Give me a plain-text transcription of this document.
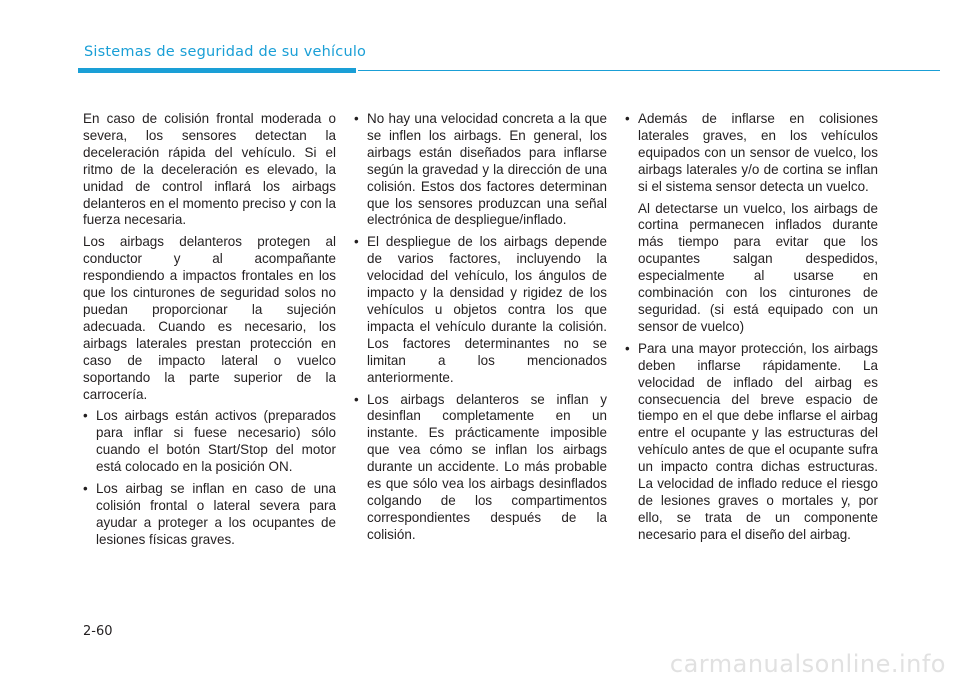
Sistemas de seguridad de su vehículo

En caso de colisión frontal moderada o severa, los sensores detectan la deceleración rápida del vehículo. Si el ritmo de la deceleración es elevado, la unidad de control inflará los airbags delanteros en el momento preciso y con la fuerza necesaria.

Los airbags delanteros protegen al conductor y al acompañante respondiendo a impactos frontales en los que los cinturones de seguridad solos no puedan proporcionar la sujeción adecuada. Cuando es necesario, los airbags laterales prestan protección en caso de impacto lateral o vuelco soportando la parte superior de la carrocería.

• Los airbags están activos (preparados para inflar si fuese necesario) sólo cuando el botón Start/Stop del motor está colocado en la posición ON.

• Los airbag se inflan en caso de una colisión frontal o lateral severa para ayudar a proteger a los ocupantes de lesiones físicas graves.

• No hay una velocidad concreta a la que se inflen los airbags. En general, los airbags están diseñados para inflarse según la gravedad y la dirección de una colisión. Estos dos factores determinan que los sensores produzcan una señal electrónica de despliegue/inflado.

• El despliegue de los airbags depende de varios factores, incluyendo la velocidad del vehículo, los ángulos de impacto y la densidad y rigidez de los vehículos u objetos contra los que impacta el vehículo durante la colisión. Los factores determinantes no se limitan a los mencionados anteriormente.

• Los airbags delanteros se inflan y desinflan completamente en un instante. Es prácticamente imposible que vea cómo se inflan los airbags durante un accidente. Lo más probable es que sólo vea los airbags desinflados colgando de los compartimentos correspondientes después de la colisión.

• Además de inflarse en colisiones laterales graves, en los vehículos equipados con un sensor de vuelco, los airbags laterales y/o de cortina se inflan si el sistema sensor detecta un vuelco.

Al detectarse un vuelco, los airbags de cortina permanecen inflados durante más tiempo para evitar que los ocupantes salgan despedidos, especialmente al usarse en combinación con los cinturones de seguridad. (si está equipado con un sensor de vuelco)

• Para una mayor protección, los airbags deben inflarse rápidamente. La velocidad de inflado del airbag es consecuencia del breve espacio de tiempo en el que debe inflarse el airbag entre el ocupante y las estructuras del vehículo antes de que el ocupante sufra un impacto contra dichas estructuras. La velocidad de inflado reduce el riesgo de lesiones graves o mortales y, por ello, se trata de un componente necesario para el diseño del airbag.

2-60
carmanualsonline.info
